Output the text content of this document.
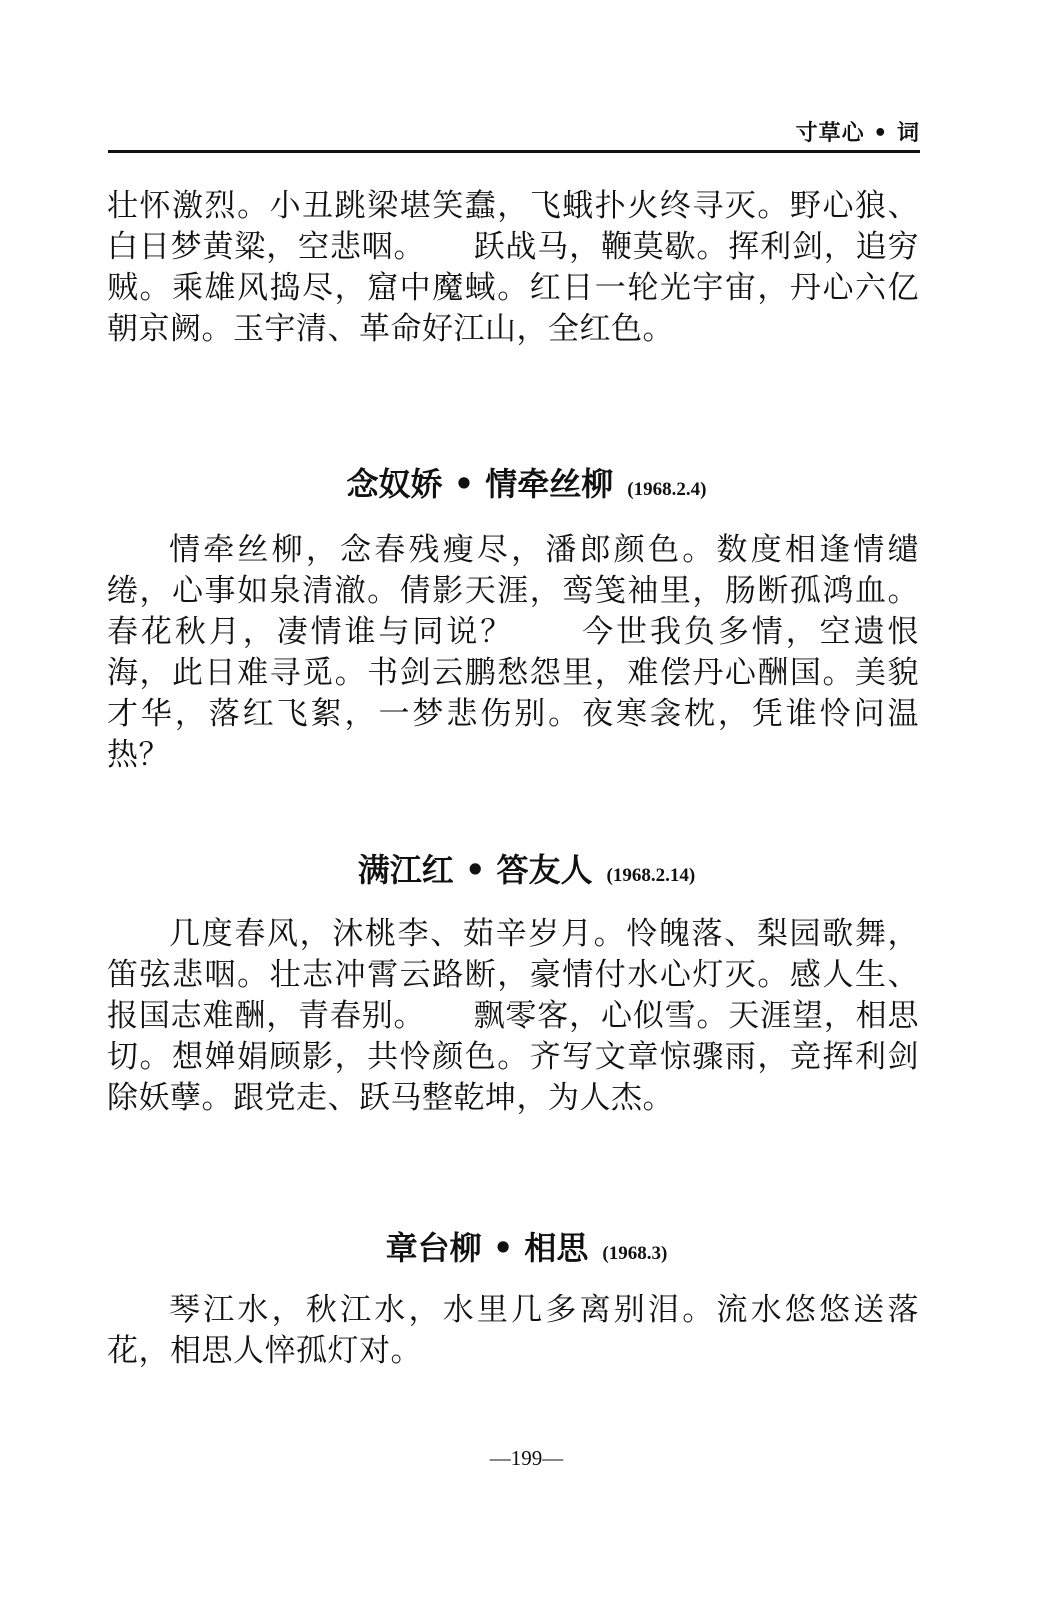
寸草心 • 词

壮怀激烈。小丑跳梁堪笑蠢，飞蛾扑火终寻灭。野心狼、白日梦黄粱，空悲咽。　　跃战马，鞭莫歇。挥利剑，追穷贼。乘雄风捣尽，窟中魔蜮。红日一轮光宇宙，丹心六亿朝京阙。玉宇清、革命好江山，全红色。

念奴娇 • 情牵丝柳 (1968.2.4)

情牵丝柳，念春残瘦尽，潘郎颜色。数度相逢情缱绻，心事如泉清澈。倩影天涯，鸾笺袖里，肠断孤鸿血。春花秋月，凄情谁与同说？　　今世我负多情，空遗恨海，此日难寻觅。书剑云鹏愁怨里，难偿丹心酬国。美貌才华，落红飞絮，一梦悲伤别。夜寒衾枕，凭谁怜问温热？

满江红 • 答友人 (1968.2.14)

几度春风，沐桃李、茹辛岁月。怜魄落、梨园歌舞，笛弦悲咽。壮志冲霄云路断，豪情付水心灯灭。感人生、报国志难酬，青春别。　　飘零客，心似雪。天涯望，相思切。想婵娟顾影，共怜颜色。齐写文章惊骤雨，竞挥利剑除妖孽。跟党走、跃马整乾坤，为人杰。

章台柳 • 相思 (1968.3)

琴江水，秋江水，水里几多离别泪。流水悠悠送落花，相思人悴孤灯对。

—199—
